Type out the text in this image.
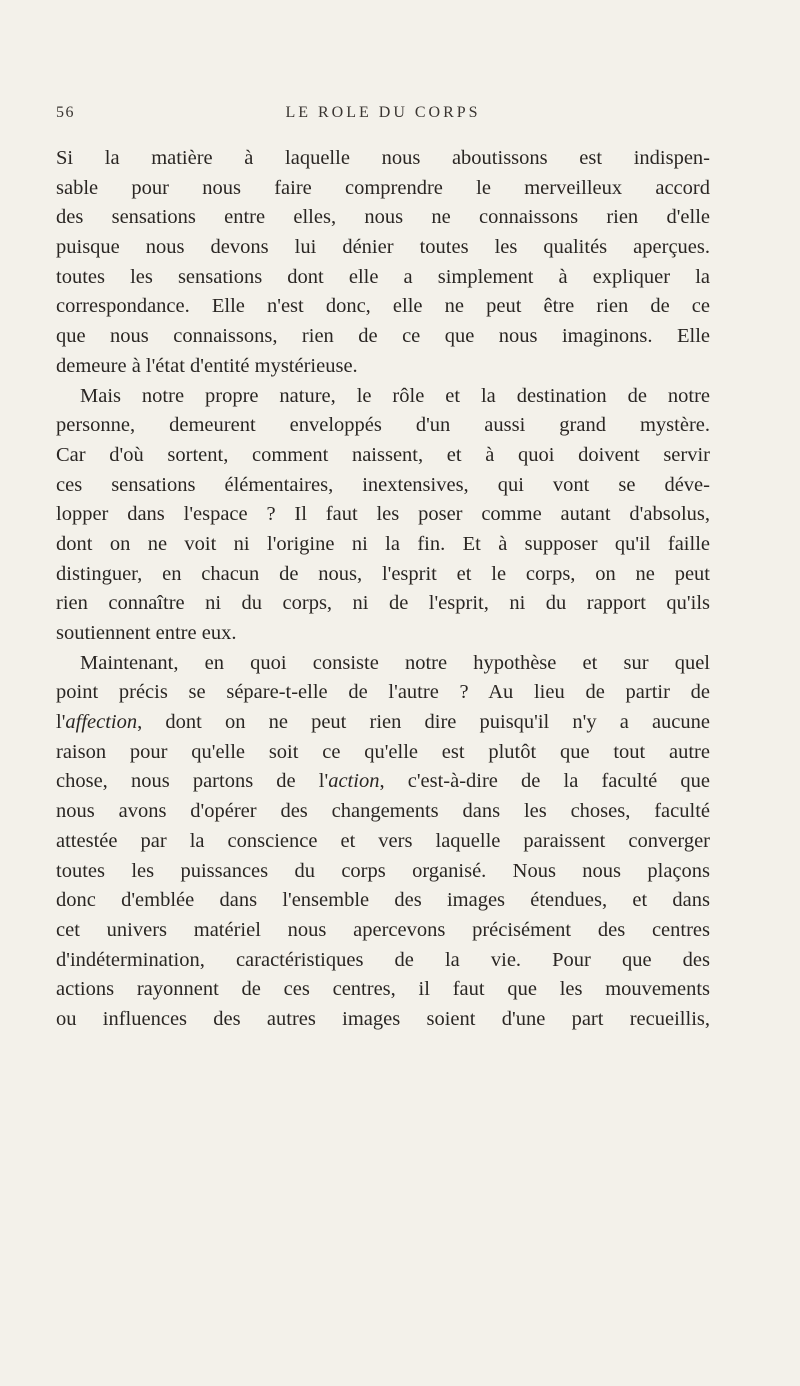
56	LE ROLE DU CORPS
Si la matière à laquelle nous aboutissons est indispen-
sable pour nous faire comprendre le merveilleux accord
des sensations entre elles, nous ne connaissons rien d'elle
puisque nous devons lui dénier toutes les qualités aperçues.
toutes les sensations dont elle a simplement à expliquer la
correspondance. Elle n'est donc, elle ne peut être rien de ce
que nous connaissons, rien de ce que nous imaginons. Elle
demeure à l'état d'entité mystérieuse.
Mais notre propre nature, le rôle et la destination de notre
personne, demeurent enveloppés d'un aussi grand mystère.
Car d'où sortent, comment naissent, et à quoi doivent servir
ces sensations élémentaires, inextensives, qui vont se déve-
lopper dans l'espace ? Il faut les poser comme autant d'absolus,
dont on ne voit ni l'origine ni la fin. Et à supposer qu'il faille
distinguer, en chacun de nous, l'esprit et le corps, on ne peut
rien connaître ni du corps, ni de l'esprit, ni du rapport qu'ils
soutiennent entre eux.
Maintenant, en quoi consiste notre hypothèse et sur quel
point précis se sépare-t-elle de l'autre ? Au lieu de partir de
l'affection, dont on ne peut rien dire puisqu'il n'y a aucune
raison pour qu'elle soit ce qu'elle est plutôt que tout autre
chose, nous partons de l'action, c'est-à-dire de la faculté que
nous avons d'opérer des changements dans les choses, faculté
attestée par la conscience et vers laquelle paraissent converger
toutes les puissances du corps organisé. Nous nous plaçons
donc d'emblée dans l'ensemble des images étendues, et dans
cet univers matériel nous apercevons précisément des centres
d'indétermination, caractéristiques de la vie. Pour que des
actions rayonnent de ces centres, il faut que les mouvements
ou influences des autres images soient d'une part recueillis,
